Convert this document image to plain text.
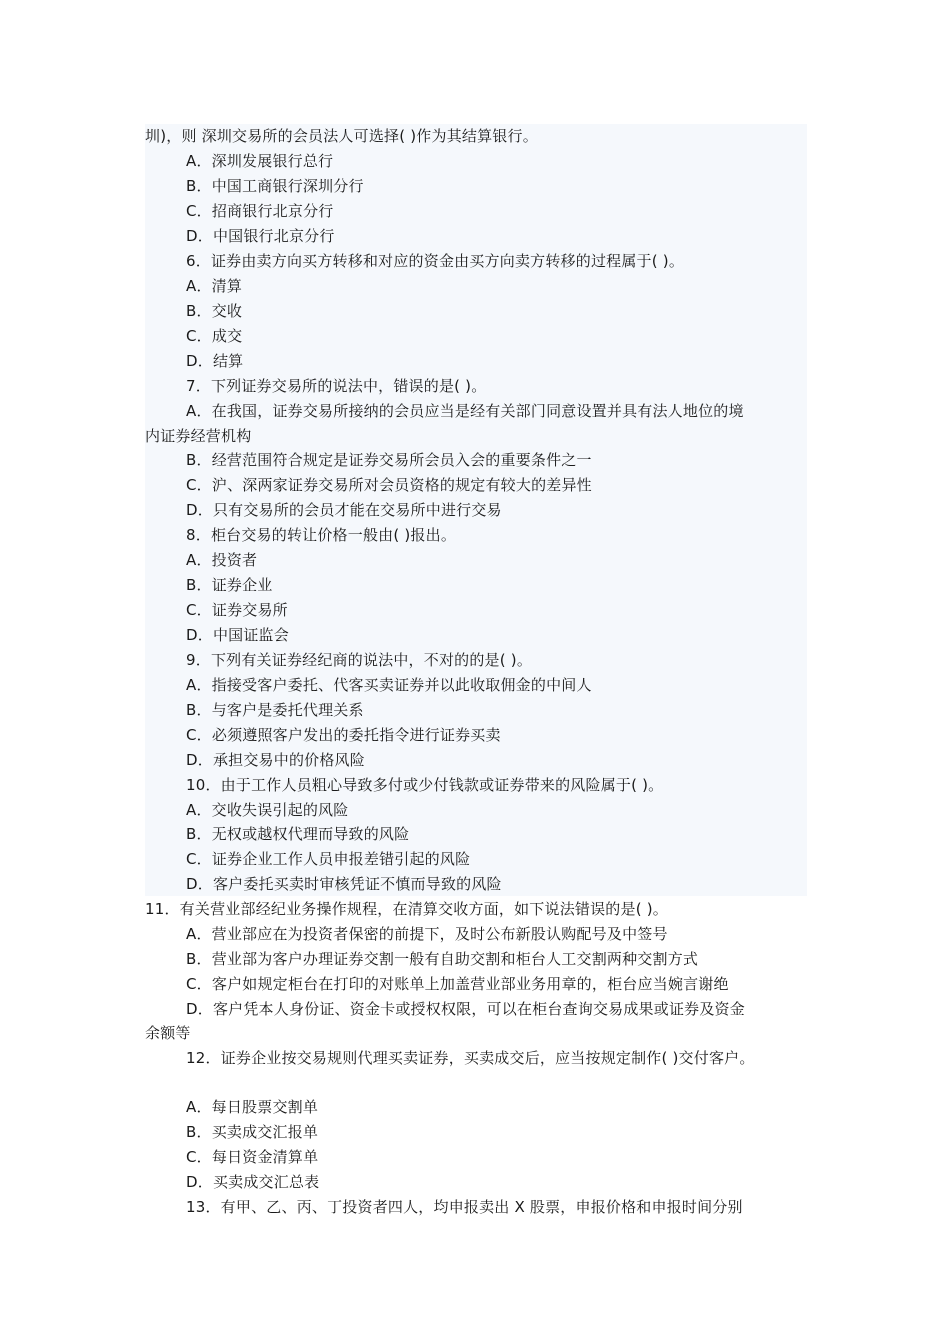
圳)，则 深圳交易所的会员法人可选择( )作为其结算银行。
A．深圳发展银行总行
B．中国工商银行深圳分行
C．招商银行北京分行
D．中国银行北京分行
6．证券由卖方向买方转移和对应的资金由买方向卖方转移的过程属于( )。
A．清算
B．交收
C．成交
D．结算
7．下列证券交易所的说法中，错误的是( )。
A．在我国，证券交易所接纳的会员应当是经有关部门同意设置并具有法人地位的境
内证券经营机构
B．经营范围符合规定是证券交易所会员入会的重要条件之一
C．沪、深两家证券交易所对会员资格的规定有较大的差异性
D．只有交易所的会员才能在交易所中进行交易
8．柜台交易的转让价格一般由( )报出。
A．投资者
B．证券企业
C．证券交易所
D．中国证监会
9．下列有关证券经纪商的说法中，不对的的是( )。
A．指接受客户委托、代客买卖证券并以此收取佣金的中间人
B．与客户是委托代理关系
C．必须遵照客户发出的委托指令进行证券买卖
D．承担交易中的价格风险
10．由于工作人员粗心导致多付或少付钱款或证券带来的风险属于( )。
A．交收失误引起的风险
B．无权或越权代理而导致的风险
C．证券企业工作人员申报差错引起的风险
D．客户委托买卖时审核凭证不慎而导致的风险
11．有关营业部经纪业务操作规程，在清算交收方面，如下说法错误的是( )。
A．营业部应在为投资者保密的前提下，及时公布新股认购配号及中签号
B．营业部为客户办理证券交割一般有自助交割和柜台人工交割两种交割方式
C．客户如规定柜台在打印的对账单上加盖营业部业务用章的，柜台应当婉言谢绝
D．客户凭本人身份证、资金卡或授权权限，可以在柜台查询交易成果或证券及资金
余额等
12．证券企业按交易规则代理买卖证券，买卖成交后，应当按规定制作( )交付客户。
A．每日股票交割单
B．买卖成交汇报单
C．每日资金清算单
D．买卖成交汇总表
13．有甲、乙、丙、丁投资者四人，均申报卖出 X 股票，申报价格和申报时间分别
